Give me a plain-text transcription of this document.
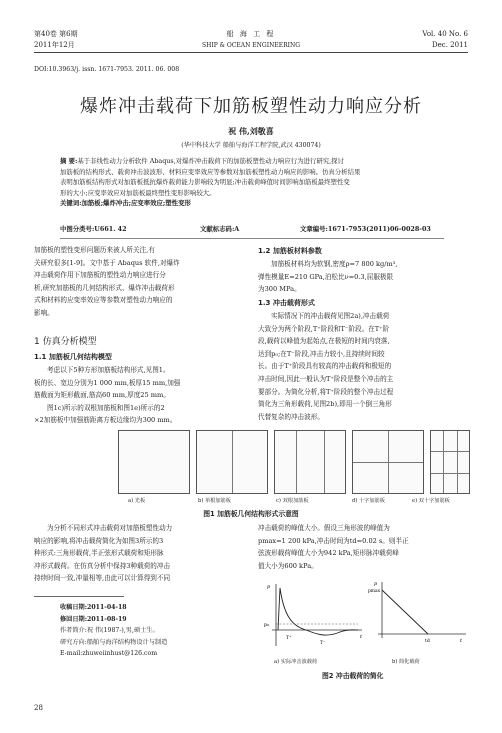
第40卷 第6期
2011年12月
船 海 工 程
SHIP & OCEAN ENGINEERING
Vol. 40 No. 6
Dec. 2011
DOI:10.3963/j. issn. 1671-7953. 2011. 06. 008
爆炸冲击载荷下加筋板塑性动力响应分析
祝 伟,刘敬喜
(华中科技大学 船舶与海洋工程学院,武汉 430074)
摘 要:基于非线性动力分析软件 Abaqus,对爆炸冲击载荷下的加筋板塑性动力响应行为进行研究,探讨
加筋板的结构形式、载荷冲击波波形、材料应变率效应等参数对加筋板塑性动力响应的影响。仿真分析结果
表明加筋板结构形式对加筋板抵抗爆炸载荷能力影响较为明显;冲击载荷峰值时间影响加筋板最终塑性变
形的大小;应变率效应对加筋板最终塑性变形影响较大。
关键词:加筋板;爆炸冲击;应变率效应;塑性变形
中图分类号:U661. 42	文献标志码:A	文章编号:1671-7953(2011)06-0028-03
加筋板的塑性变形问题历来被人所关注,有
关研究很多[1-9]。文中基于 Abaqus 软件,对爆炸
冲击载荷作用下加筋板的塑性动力响应进行分
析,研究加筋板的几何结构形式、爆炸冲击载荷形
式和材料的应变率效应等参数对塑性动力响应的
影响。
1 仿真分析模型
1.1 加筋板几何结构模型
考虑以下5种方形加筋板结构形式,见图1。
板的长、宽边分别为1 000 mm,板厚15 mm,加强
筋截面为矩形截面,筋高60 mm,厚度25 mm。
图1c)所示的双根加筋板和图1e)所示的2
×2加筋板中加强筋距离方板边缘均为300 mm。
1.2 加筋板材料参数
加筋板材料均为软钢,密度ρ=7 800 kg/m³,
弹性模量E=210 GPa,泊松比ν=0.3,屈服极限
为300 MPa。
1.3 冲击载荷形式
实际情况下的冲击载荷见图2a),冲击载荷
大致分为两个阶段,T⁺阶段和T⁻阶段。在T⁺阶
段,载荷以峰值为起始点,在极短的时间内衰落,
达到p₀;在T⁻阶段,冲击力较小,且持续时间较
长。由于T⁺阶段具有较高的冲击载荷和极短的
冲击时间,因此一般认为T⁺阶段是整个冲击的主
要部分。为简化分析,将T⁺阶段的整个冲击过程
简化为三角形载荷,见图2b),即用一个倒三角形
代替复杂的冲击波形。
a) 光板	b) 单根加筋板	c) 双根加筋板	d) 十字加筋板	e) 双十字加筋板
图1 加筋板几何结构形式示意图
为分析不同形式冲击载荷对加筋板塑性动力
响应的影响,将冲击载荷简化为如图3所示的3
种形式:三角形载荷,半正弦形式载荷和矩形脉
冲形式载荷。在仿真分析中保持3种载荷的冲击
持续时间一致,冲量相等,由此可以计算得到不同
冲击载荷的峰值大小。假设三角形波的峰值为
pmax=1 200 kPa,冲击时间为td=0.02 s。则半正
弦波形载荷峰值大小为942 kPa,矩形脉冲载荷峰
值大小为600 kPa。
收稿日期:2011-04-18
修回日期:2011-08-19
作者简介:祝 伟(1987-),男,硕士生。
研究方向:船舶与海洋结构物设计与制造
E-mail:zhuweiinhust@126.com
p
p₀
t
T⁺
T⁻
p
pmax
t
td
a) 实际冲击波载荷	b) 简化载荷
图2 冲击载荷的简化
28
